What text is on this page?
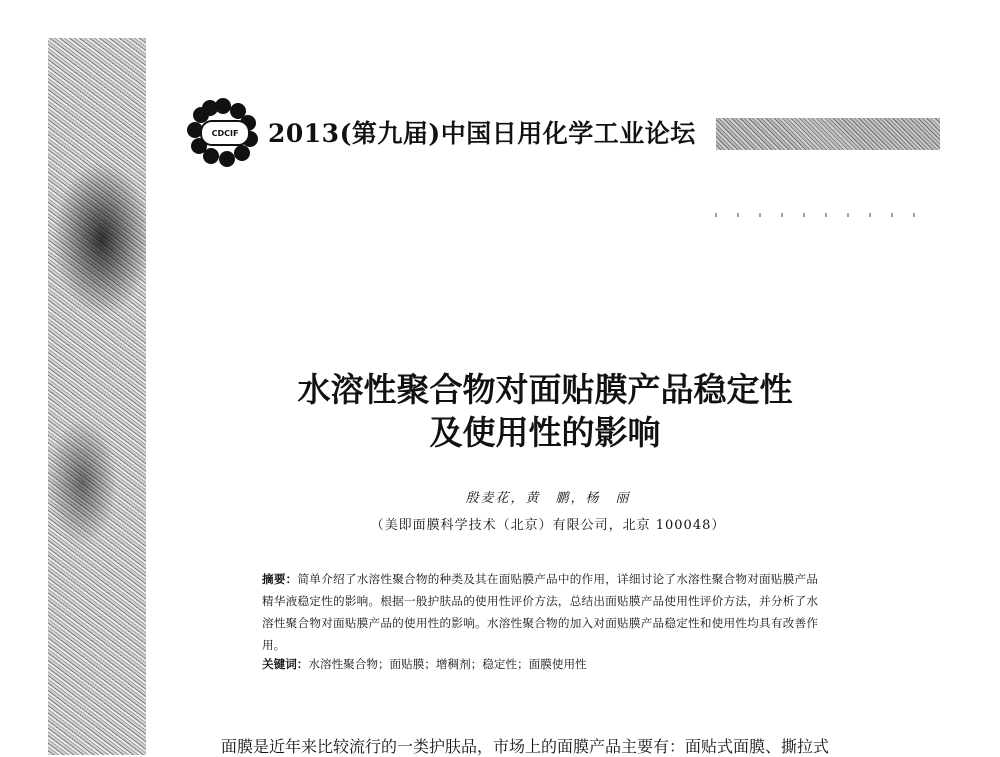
CDCIF	2013(第九届)中国日用化学工业论坛
水溶性聚合物对面贴膜产品稳定性
及使用性的影响
殷麦花，黄　鹏，杨　丽
（美即面膜科学技术（北京）有限公司，北京 100048）
摘要：简单介绍了水溶性聚合物的种类及其在面贴膜产品中的作用，详细讨论了水溶性聚合物对面贴膜产品精华液稳定性的影响。根据一般护肤品的使用性评价方法，总结出面贴膜产品使用性评价方法，并分析了水溶性聚合物对面贴膜产品的使用性的影响。水溶性聚合物的加入对面贴膜产品稳定性和使用性均具有改善作用。
关键词：水溶性聚合物；面贴膜；增稠剂；稳定性；面膜使用性
面膜是近年来比较流行的一类护肤品，市场上的面膜产品主要有：面贴式面膜、撕拉式
